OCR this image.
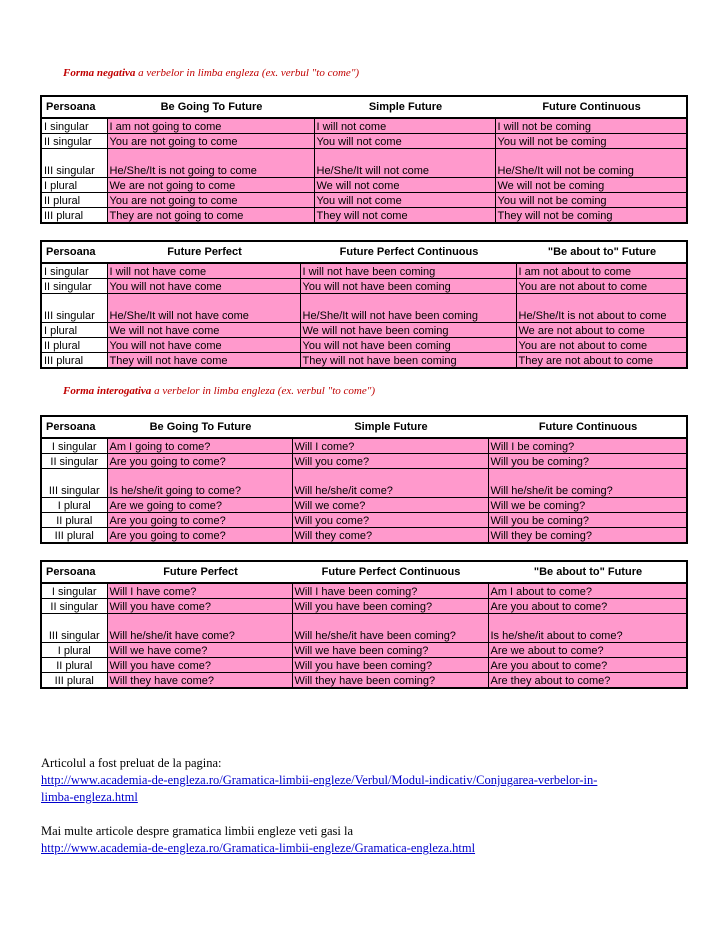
Forma negativa a verbelor in limba engleza (ex. verbul "to come")
Persoana	Be Going To Future	Simple Future	Future Continuous
I singular	I am not going to come	I will not come	I will not be coming
II singular	You are not going to come	You will not come	You will not be coming
III singular	He/She/It is not going to come	He/She/It will not come	He/She/It will not be coming
I plural	We are not going to come	We will not come	We will not be coming
II plural	You are not going to come	You will not come	You will not be coming
III plural	They are not going to come	They will not come	They will not be coming
Persoana	Future Perfect	Future Perfect Continuous	"Be about to" Future
I singular	I will not have come	I will not have been coming	I am not about to come
II singular	You will not have come	You will not have been coming	You are not about to come
III singular	He/She/It will not have come	He/She/It will not have been coming	He/She/It is not about to come
I plural	We will not have come	We will not have been coming	We are not about to come
II plural	You will not have come	You will not have been coming	You are not about to come
III plural	They will not have come	They will not have been coming	They are not about to come
Forma interogativa a verbelor in limba engleza (ex. verbul "to come")
Persoana	Be Going To Future	Simple Future	Future Continuous
I singular	Am I going to come?	Will I come?	Will I be coming?
II singular	Are you going to come?	Will you come?	Will you be coming?
III singular	Is he/she/it going to come?	Will he/she/it come?	Will he/she/it be coming?
I plural	Are we going to come?	Will we come?	Will we be coming?
II plural	Are you going to come?	Will you come?	Will you be coming?
III plural	Are you going to come?	Will they come?	Will they be coming?
Persoana	Future Perfect	Future Perfect Continuous	"Be about to" Future
I singular	Will I have come?	Will I have been coming?	Am I about to come?
II singular	Will you have come?	Will you have been coming?	Are you about to come?
III singular	Will he/she/it have come?	Will he/she/it have been coming?	Is he/she/it about to come?
I plural	Will we have come?	Will we have been coming?	Are we about to come?
II plural	Will you have come?	Will you have been coming?	Are you about to come?
III plural	Will they have come?	Will they have been coming?	Are they about to come?
Articolul a fost preluat de la pagina:
http://www.academia-de-engleza.ro/Gramatica-limbii-engleze/Verbul/Modul-indicativ/Conjugarea-verbelor-in-
limba-engleza.html
Mai multe articole despre gramatica limbii engleze veti gasi la
http://www.academia-de-engleza.ro/Gramatica-limbii-engleze/Gramatica-engleza.html
